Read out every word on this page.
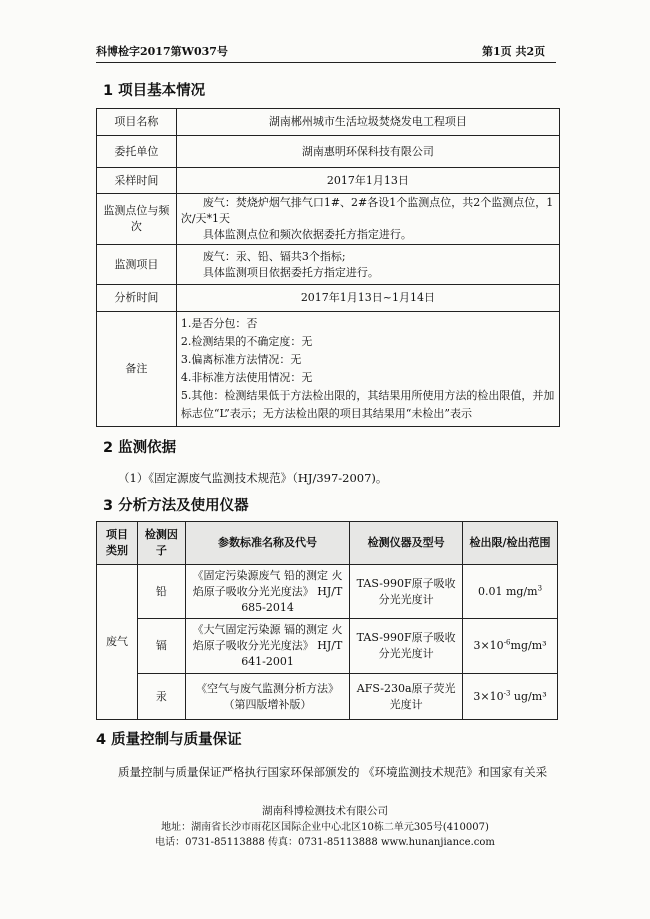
科博检字2017第W037号	第1页 共2页
1 项目基本情况
项目名称	湖南郴州城市生活垃圾焚烧发电工程项目
委托单位	湖南惠明环保科技有限公司
采样时间	2017年1月13日
监测点位与频次	废气：焚烧炉烟气排气口1#、2#各设1个监测点位，共2个监测点位，1次/天*1天
具体监测点位和频次依据委托方指定进行。

监测项目	废气：汞、铅、镉共3个指标;
具体监测项目依据委托方指定进行。

分析时间	2017年1月13日~1月14日
备注	1.是否分包：否
2.检测结果的不确定度：无
3.偏离标准方法情况：无
4.非标准方法使用情况：无
5.其他：检测结果低于方法检出限的，其结果用所使用方法的检出限值，并加标志位“L”表示；无方法检出限的项目其结果用“未检出”表示
2 监测依据
（1）《固定源废气监测技术规范》（HJ/397-2007)。
3 分析方法及使用仪器
项目类别	检测因子	参数标准名称及代号	检测仪器及型号	检出限/检出范围
废气	铅	《固定污染源废气 铅的测定 火焰原子吸收分光光度法》 HJ/T 685-2014	TAS-990F原子吸收分光光度计	0.01 $mg/m^3$
	镉	《大气固定污染源 镉的测定 火焰原子吸收分光光度法》 HJ/T 641-2001	TAS-990F原子吸收分光光度计	$3\times 10^{-6}mg/m^3$
	汞	《空气与废气监测分析方法》（第四版增补版）	AFS-230a原子荧光光度计	$3\times 10^{-3}$ ug/m³
4 质量控制与质量保证
质量控制与质量保证严格执行国家环保部颁发的 《环境监测技术规范》和国家有关采
湖南科博检测技术有限公司
地址：湖南省长沙市雨花区国际企业中心北区10栋二单元305号(410007)
电话：0731-85113888 传真：0731-85113888 www.hunanjiance.com
